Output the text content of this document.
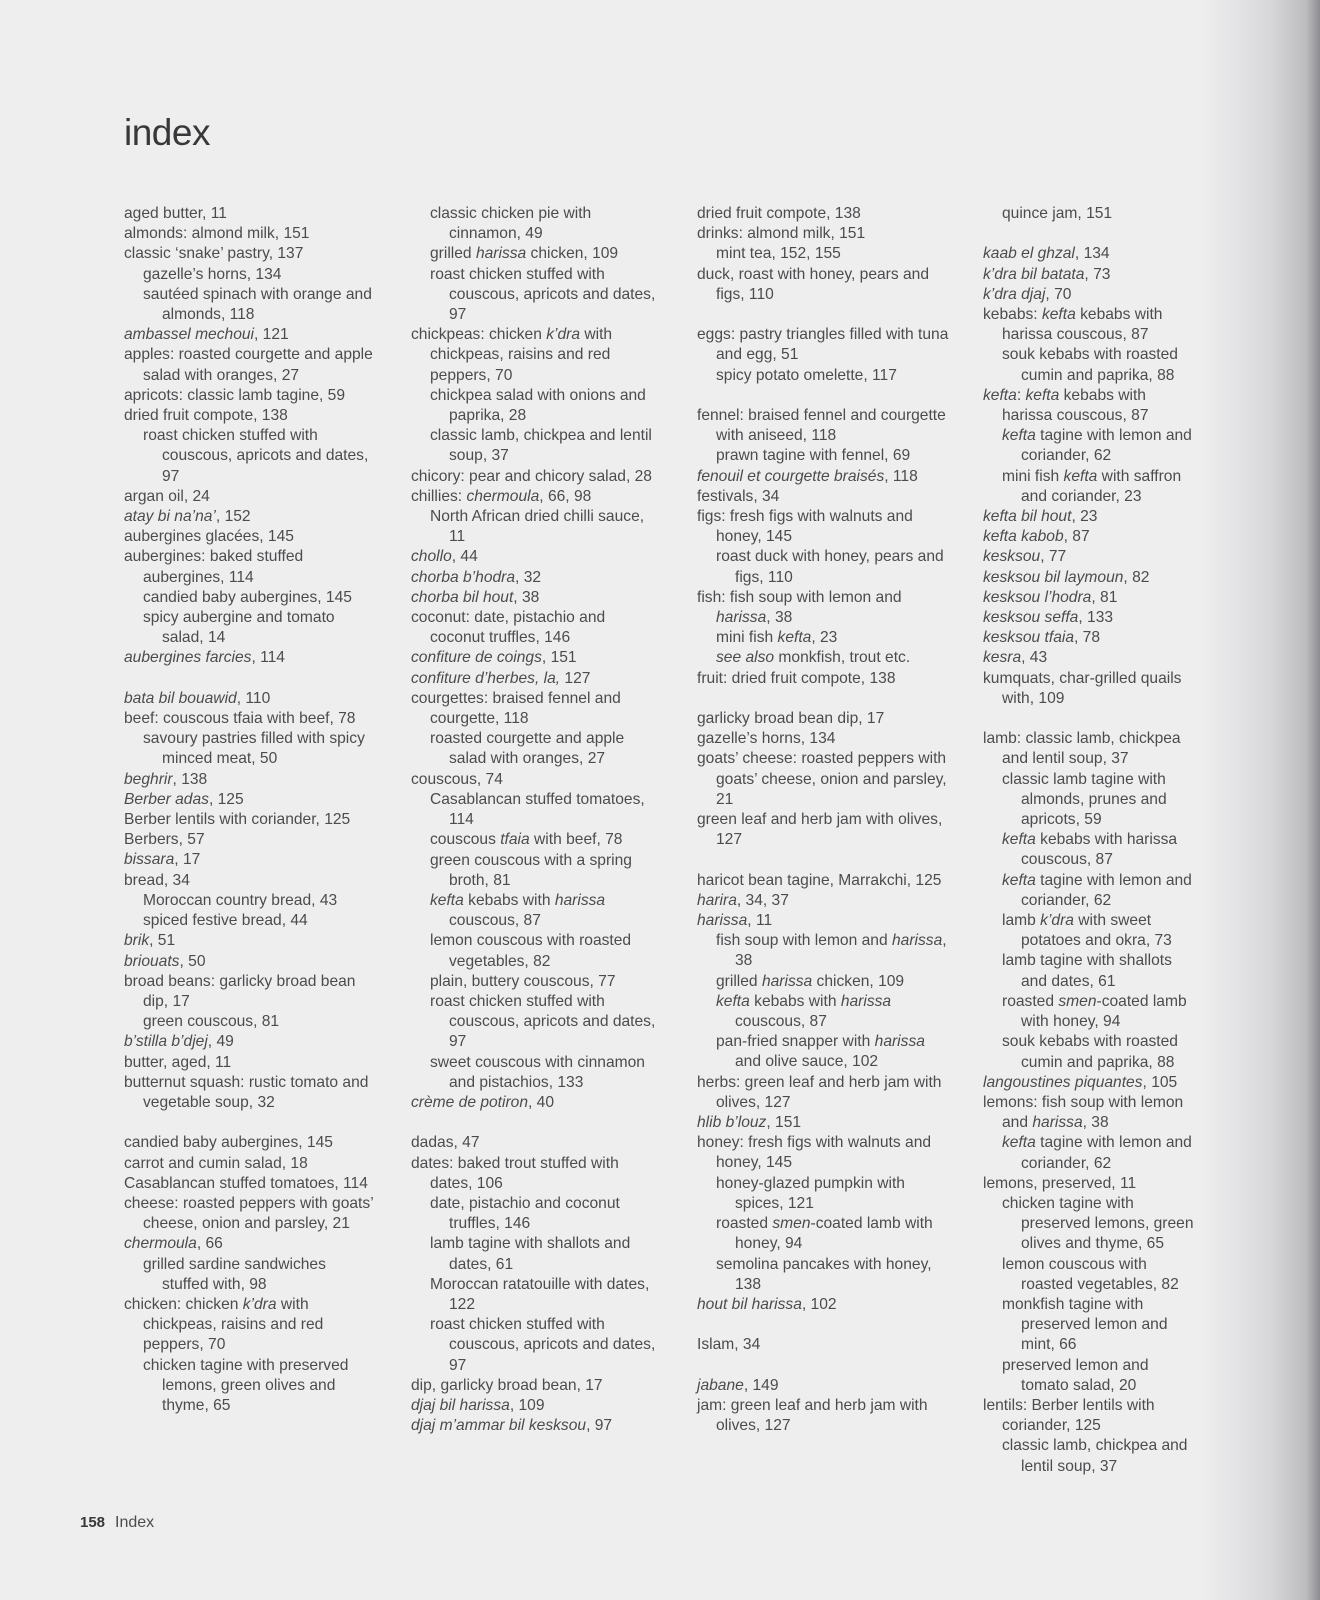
index
aged butter, 11
almonds: almond milk, 151
classic ‘snake’ pastry, 137
gazelle’s horns, 134
sautéed spinach with orange and almonds, 118
ambassel mechoui, 121
apples: roasted courgette and apple salad with oranges, 27
apricots: classic lamb tagine, 59
dried fruit compote, 138
roast chicken stuffed with couscous, apricots and dates, 97
argan oil, 24
atay bi na’na’, 152
aubergines glacées, 145
aubergines: baked stuffed aubergines, 114
candied baby aubergines, 145
spicy aubergine and tomato salad, 14
aubergines farcies, 114
bata bil bouawid, 110
beef: couscous tfaia with beef, 78
savoury pastries filled with spicy minced meat, 50
beghrir, 138
Berber adas, 125
Berber lentils with coriander, 125
Berbers, 57
bissara, 17
bread, 34
Moroccan country bread, 43
spiced festive bread, 44
brik, 51
briouats, 50
broad beans: garlicky broad bean dip, 17
green couscous, 81
b’stilla b’djej, 49
butter, aged, 11
butternut squash: rustic tomato and vegetable soup, 32
candied baby aubergines, 145
carrot and cumin salad, 18
Casablancan stuffed tomatoes, 114
cheese: roasted peppers with goats’ cheese, onion and parsley, 21
chermoula, 66
grilled sardine sandwiches stuffed with, 98
chicken: chicken k’dra with chickpeas, raisins and red peppers, 70
chicken tagine with preserved lemons, green olives and thyme, 65
classic chicken pie with cinnamon, 49
grilled harissa chicken, 109
roast chicken stuffed with couscous, apricots and dates, 97
chickpeas: chicken k’dra with chickpeas, raisins and red peppers, 70
chickpea salad with onions and paprika, 28
classic lamb, chickpea and lentil soup, 37
chicory: pear and chicory salad, 28
chillies: chermoula, 66, 98
North African dried chilli sauce, 11
chollo, 44
chorba b’hodra, 32
chorba bil hout, 38
coconut: date, pistachio and coconut truffles, 146
confiture de coings, 151
confiture d’herbes, la, 127
courgettes: braised fennel and courgette, 118
roasted courgette and apple salad with oranges, 27
couscous, 74
Casablancan stuffed tomatoes, 114
couscous tfaia with beef, 78
green couscous with a spring broth, 81
kefta kebabs with harissa couscous, 87
lemon couscous with roasted vegetables, 82
plain, buttery couscous, 77
roast chicken stuffed with couscous, apricots and dates, 97
sweet couscous with cinnamon and pistachios, 133
crème de potiron, 40
dadas, 47
dates: baked trout stuffed with dates, 106
date, pistachio and coconut truffles, 146
lamb tagine with shallots and dates, 61
Moroccan ratatouille with dates, 122
roast chicken stuffed with couscous, apricots and dates, 97
dip, garlicky broad bean, 17
djaj bil harissa, 109
djaj m’ammar bil kesksou, 97
dried fruit compote, 138
drinks: almond milk, 151
mint tea, 152, 155
duck, roast with honey, pears and figs, 110
eggs: pastry triangles filled with tuna and egg, 51
spicy potato omelette, 117
fennel: braised fennel and courgette with aniseed, 118
prawn tagine with fennel, 69
fenouil et courgette braisés, 118
festivals, 34
figs: fresh figs with walnuts and honey, 145
roast duck with honey, pears and figs, 110
fish: fish soup with lemon and harissa, 38
mini fish kefta, 23
see also monkfish, trout etc.
fruit: dried fruit compote, 138
garlicky broad bean dip, 17
gazelle’s horns, 134
goats’ cheese: roasted peppers with goats’ cheese, onion and parsley, 21
green leaf and herb jam with olives, 127
haricot bean tagine, Marrakchi, 125
harira, 34, 37
harissa, 11
fish soup with lemon and harissa, 38
grilled harissa chicken, 109
kefta kebabs with harissa couscous, 87
pan-fried snapper with harissa and olive sauce, 102
herbs: green leaf and herb jam with olives, 127
hlib b’louz, 151
honey: fresh figs with walnuts and honey, 145
honey-glazed pumpkin with spices, 121
roasted smen-coated lamb with honey, 94
semolina pancakes with honey, 138
hout bil harissa, 102
Islam, 34
jabane, 149
jam: green leaf and herb jam with olives, 127
quince jam, 151
kaab el ghzal, 134
k’dra bil batata, 73
k’dra djaj, 70
kebabs: kefta kebabs with harissa couscous, 87
souk kebabs with roasted cumin and paprika, 88
kefta: kefta kebabs with harissa couscous, 87
kefta tagine with lemon and coriander, 62
mini fish kefta with saffron and coriander, 23
kefta bil hout, 23
kefta kabob, 87
kesksou, 77
kesksou bil laymoun, 82
kesksou l’hodra, 81
kesksou seffa, 133
kesksou tfaia, 78
kesra, 43
kumquats, char-grilled quails with, 109
lamb: classic lamb, chickpea and lentil soup, 37
classic lamb tagine with almonds, prunes and apricots, 59
kefta kebabs with harissa couscous, 87
kefta tagine with lemon and coriander, 62
lamb k’dra with sweet potatoes and okra, 73
lamb tagine with shallots and dates, 61
roasted smen-coated lamb with honey, 94
souk kebabs with roasted cumin and paprika, 88
langoustines piquantes, 105
lemons: fish soup with lemon and harissa, 38
kefta tagine with lemon and coriander, 62
lemons, preserved, 11
chicken tagine with preserved lemons, green olives and thyme, 65
lemon couscous with roasted vegetables, 82
monkfish tagine with preserved lemon and mint, 66
preserved lemon and tomato salad, 20
lentils: Berber lentils with coriander, 125
classic lamb, chickpea and lentil soup, 37
158 Index
